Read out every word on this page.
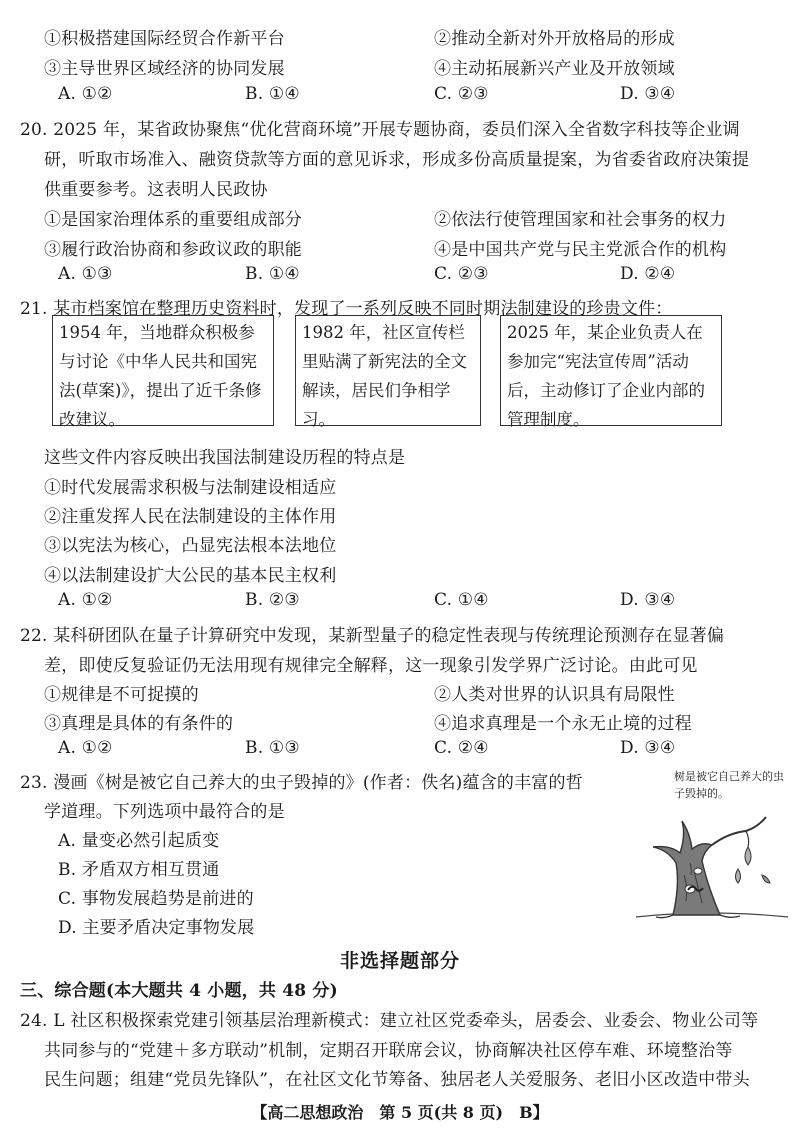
①积极搭建国际经贸合作新平台	②推动全新对外开放格局的形成
③主导世界区域经济的协同发展	④主动拓展新兴产业及开放领域
A. ①②	B. ①④	C. ②③	D. ③④
20. 2025 年，某省政协聚焦“优化营商环境”开展专题协商，委员们深入全省数字科技等企业调
研，听取市场准入、融资贷款等方面的意见诉求，形成多份高质量提案，为省委省政府决策提
供重要参考。这表明人民政协
①是国家治理体系的重要组成部分	②依法行使管理国家和社会事务的权力
③履行政治协商和参政议政的职能	④是中国共产党与民主党派合作的机构
A. ①③	B. ①④	C. ②③	D. ②④
21. 某市档案馆在整理历史资料时，发现了一系列反映不同时期法制建设的珍贵文件：
1954 年，当地群众积极参与讨论《中华人民共和国宪法(草案)》，提出了近千条修改建议。
1982 年，社区宣传栏里贴满了新宪法的全文解读，居民们争相学习。
2025 年，某企业负责人在参加完“宪法宣传周”活动后，主动修订了企业内部的管理制度。
这些文件内容反映出我国法制建设历程的特点是
①时代发展需求积极与法制建设相适应
②注重发挥人民在法制建设的主体作用
③以宪法为核心，凸显宪法根本法地位
④以法制建设扩大公民的基本民主权利
A. ①②	B. ②③	C. ①④	D. ③④
22. 某科研团队在量子计算研究中发现，某新型量子的稳定性表现与传统理论预测存在显著偏
差，即使反复验证仍无法用现有规律完全解释，这一现象引发学界广泛讨论。由此可见
①规律是不可捉摸的	②人类对世界的认识具有局限性
③真理是具体的有条件的	④追求真理是一个永无止境的过程
A. ①②	B. ①③	C. ②④	D. ③④
23. 漫画《树是被它自己养大的虫子毁掉的》(作者：佚名)蕴含的丰富的哲
学道理。下列选项中最符合的是
A. 量变必然引起质变
B. 矛盾双方相互贯通
C. 事物发展趋势是前进的
D. 主要矛盾决定事物发展
树是被它自己养大的虫子毁掉的。
非选择题部分
三、综合题(本大题共 4 小题，共 48 分)
24. L 社区积极探索党建引领基层治理新模式：建立社区党委牵头，居委会、业委会、物业公司等
共同参与的“党建＋多方联动”机制，定期召开联席会议，协商解决社区停车难、环境整治等
民生问题；组建“党员先锋队”，在社区文化节筹备、独居老人关爱服务、老旧小区改造中带头
【高二思想政治　第 5 页(共 8 页)　B】
